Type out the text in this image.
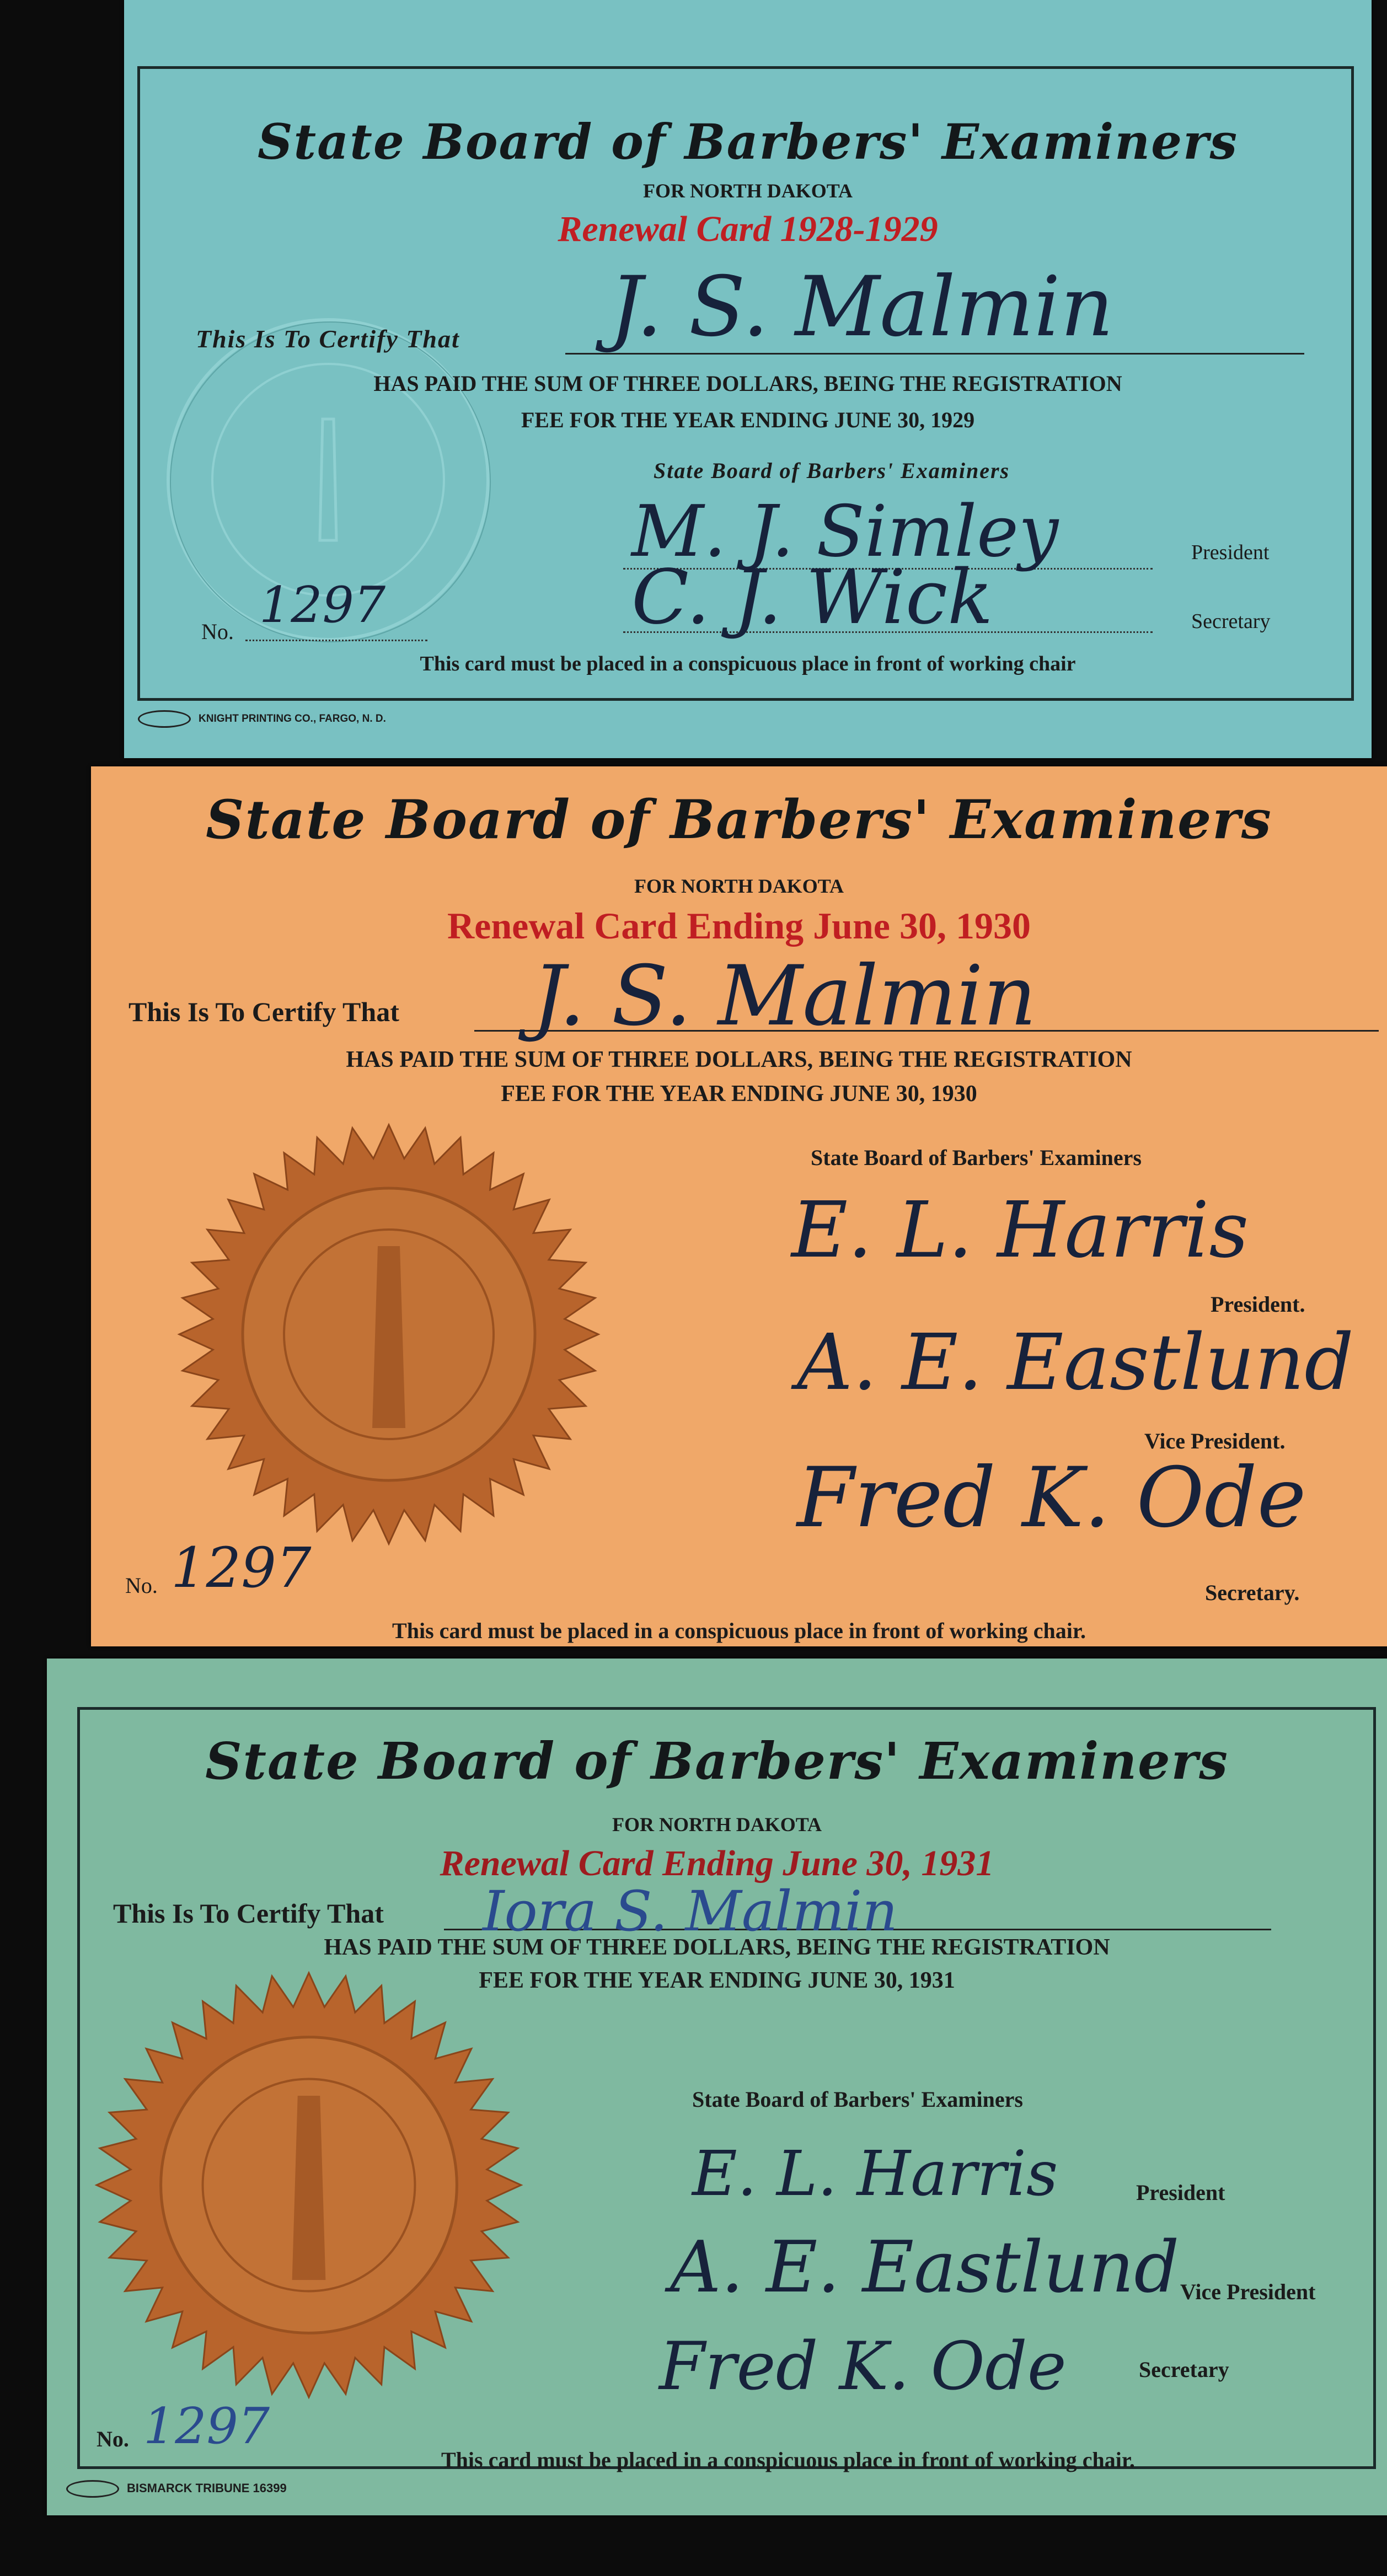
State Board of Barbers' Examiners
FOR NORTH DAKOTA
Renewal Card 1928-1929
This Is To Certify That J. S. Malmin
HAS PAID THE SUM OF THREE DOLLARS, BEING THE REGISTRATION
FEE FOR THE YEAR ENDING JUNE 30, 1929
State Board of Barbers' Examiners
M. J. Simley	President
C. J. Wick	Secretary
No. 1297
This card must be placed in a conspicuous place in front of working chair
KNIGHT PRINTING CO., FARGO, N. D.
State Board of Barbers' Examiners
FOR NORTH DAKOTA
Renewal Card Ending June 30, 1930
This Is To Certify That J. S. Malmin
HAS PAID THE SUM OF THREE DOLLARS, BEING THE REGISTRATION
FEE FOR THE YEAR ENDING JUNE 30, 1930
State Board of Barbers' Examiners
E. L. Harris
President.
A. E. Eastlund
Vice President.
Fred K. Ode
Secretary.
No. 1297
This card must be placed in a conspicuous place in front of working chair.
State Board of Barbers' Examiners
FOR NORTH DAKOTA
Renewal Card Ending June 30, 1931
This Is To Certify That Iora S. Malmin
HAS PAID THE SUM OF THREE DOLLARS, BEING THE REGISTRATION
FEE FOR THE YEAR ENDING JUNE 30, 1931
State Board of Barbers' Examiners
E. L. Harris	President
A. E. Eastlund Vice President
Fred K. Ode	Secretary
No. 1297
This card must be placed in a conspicuous place in front of working chair.
BISMARCK TRIBUNE 16399
